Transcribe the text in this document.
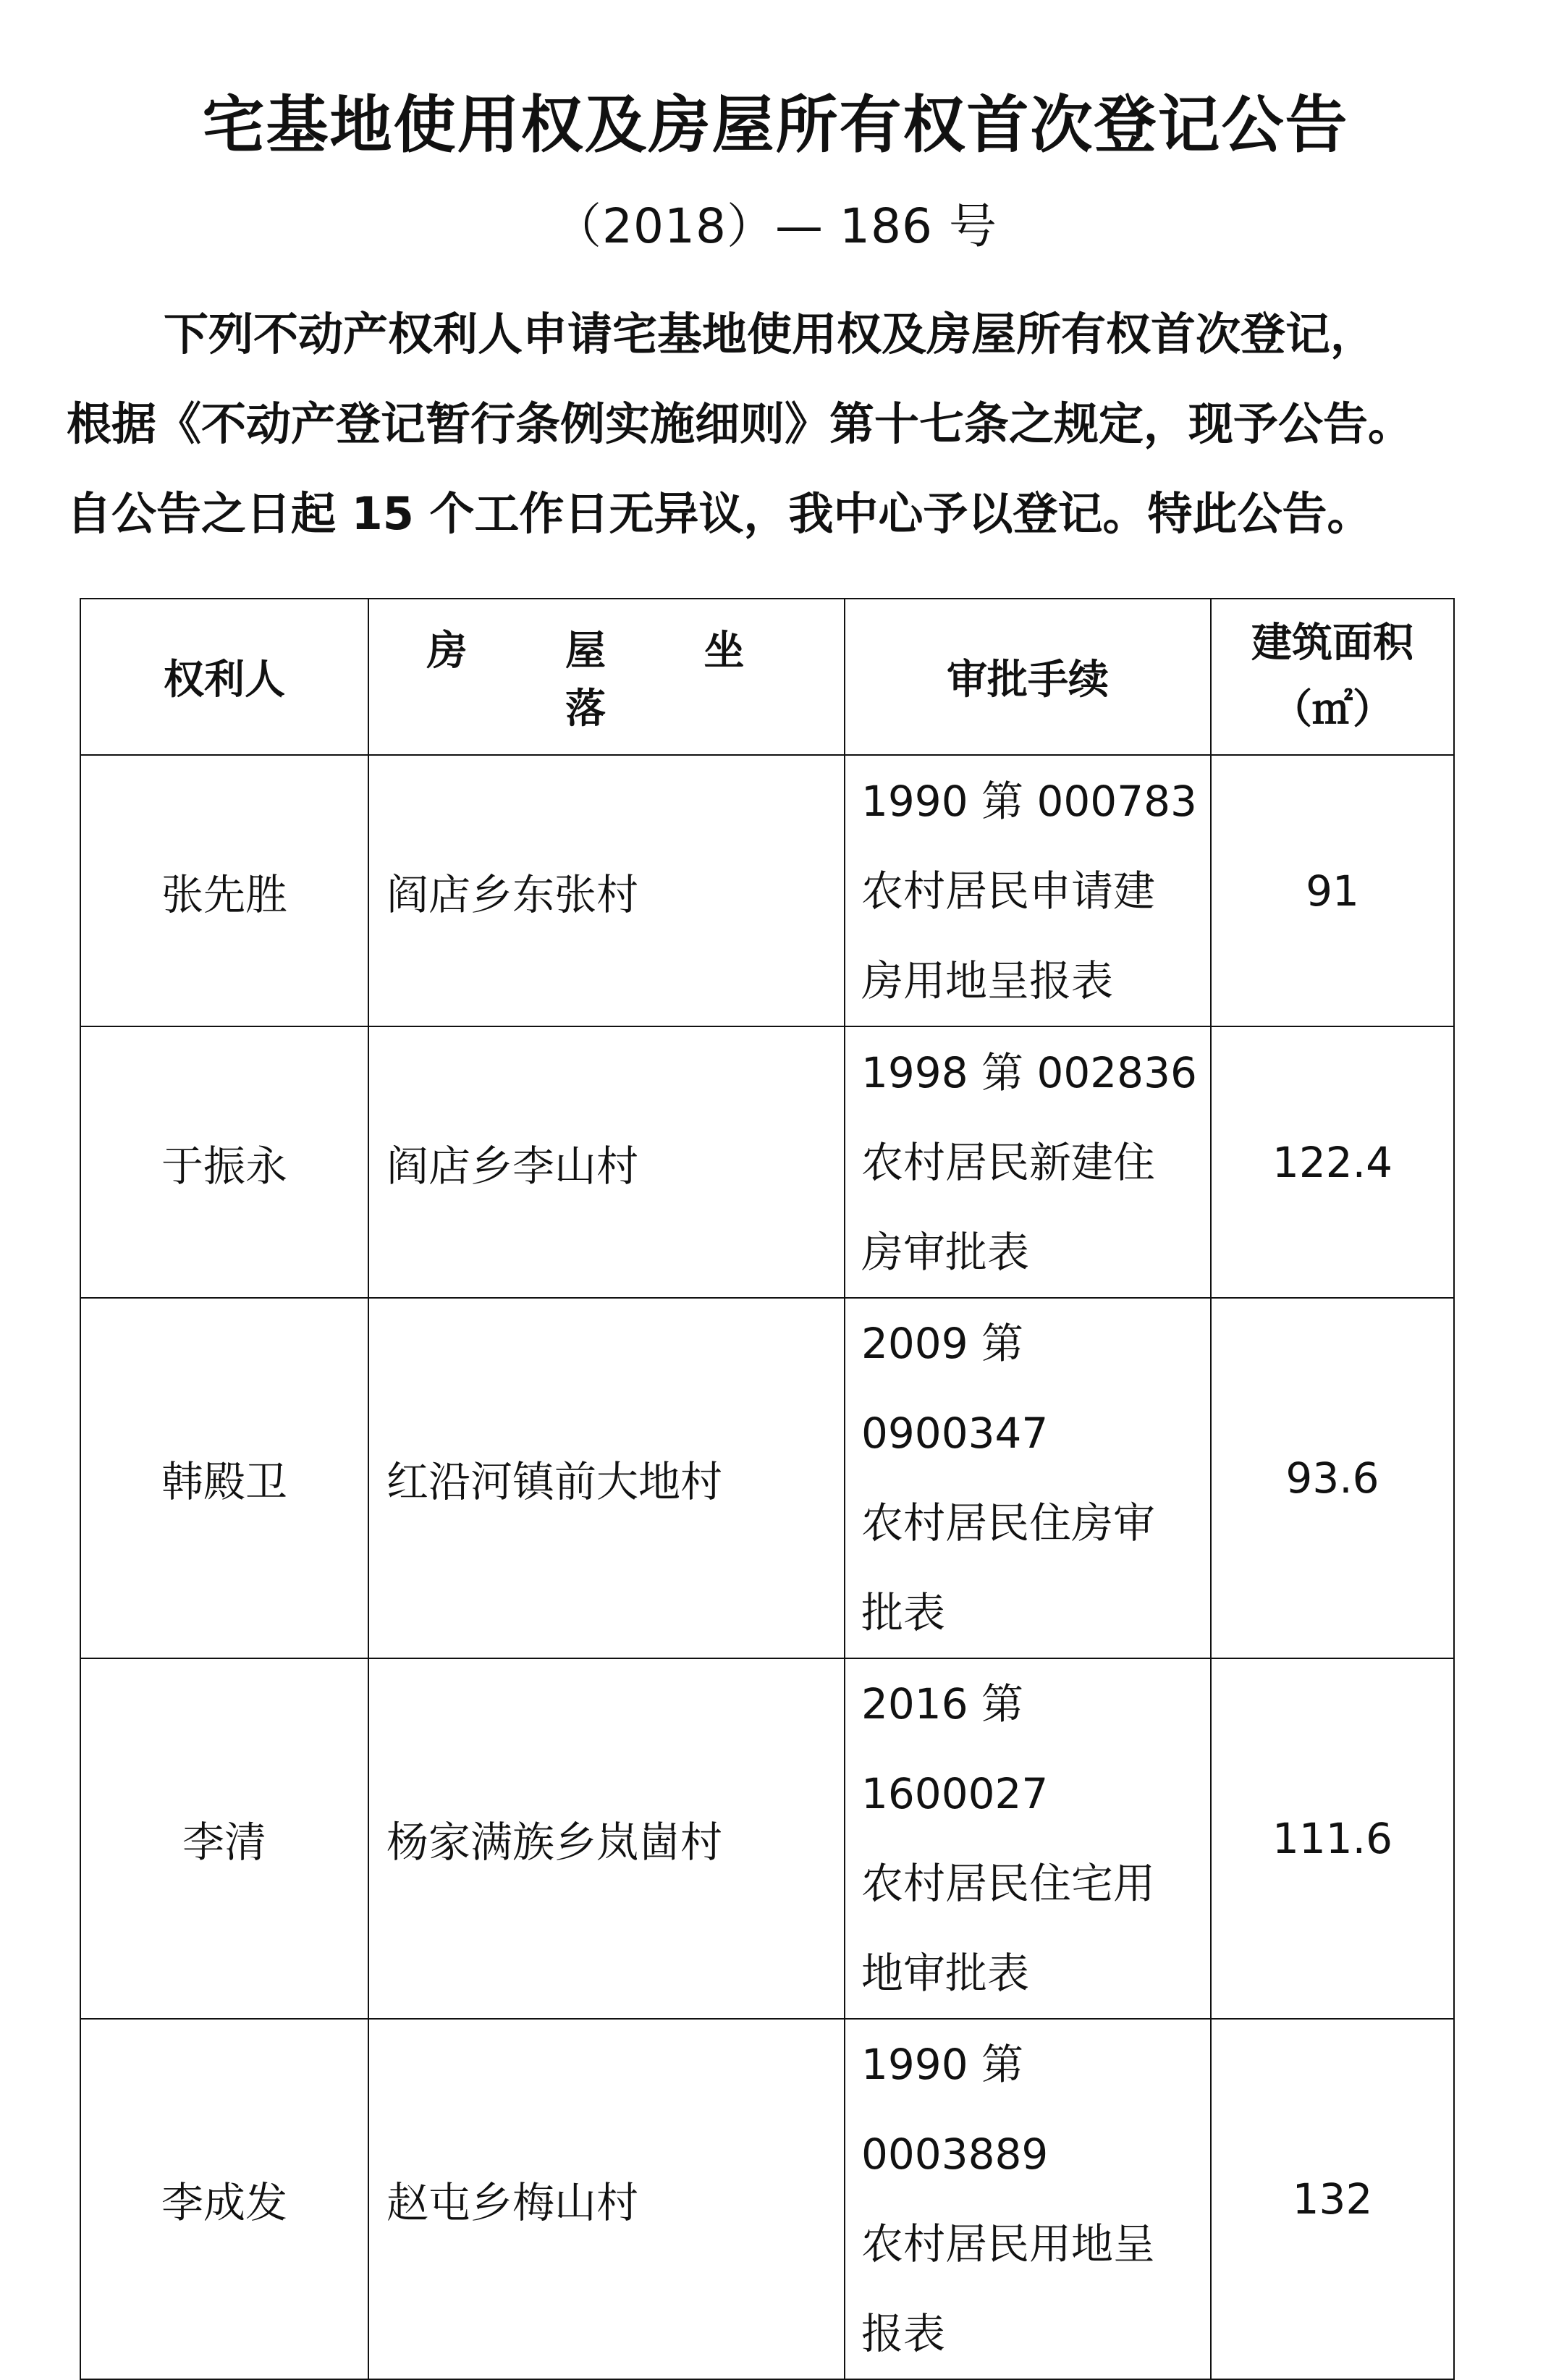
宅基地使用权及房屋所有权首次登记公告
（2018）— 186 号
下列不动产权利人申请宅基地使用权及房屋所有权首次登记，
根据《不动产登记暂行条例实施细则》第十七条之规定，现予公告。
自公告之日起 15 个工作日无异议，我中心予以登记。特此公告。
权利人	房 屋 坐 落	审批手续	建筑面积
（㎡）

张先胜	阎店乡东张村	1990 第 000783
农村居民申请建
房用地呈报表	91
于振永	阎店乡李山村	1998 第 002836
农村居民新建住
房审批表	122.4
韩殿卫	红沿河镇前大地村	2009 第 0900347
农村居民住房审
批表	93.6
李清	杨家满族乡岚崮村	2016 第 1600027
农村居民住宅用
地审批表	111.6
李成发	赵屯乡梅山村	1990 第 0003889
农村居民用地呈
报表	132
